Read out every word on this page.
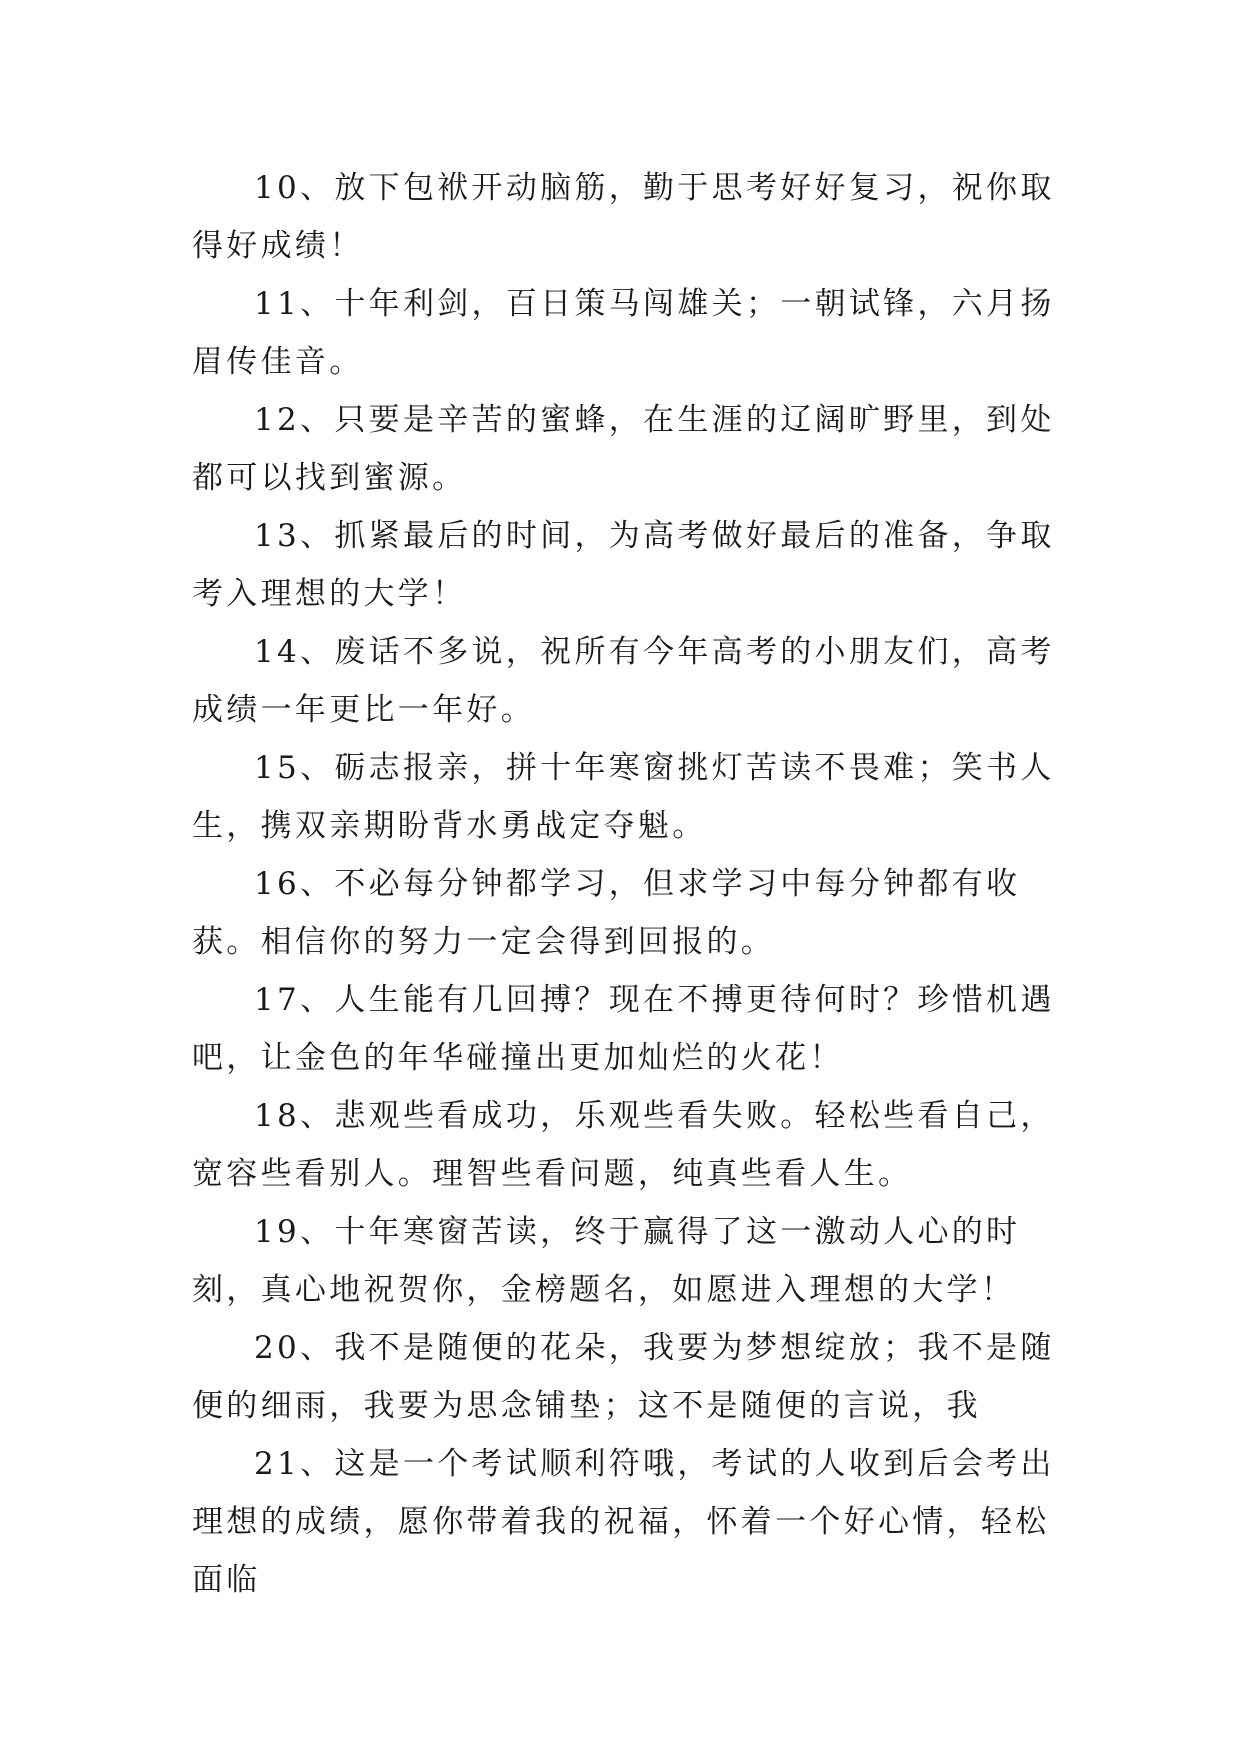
10、放下包袱开动脑筋，勤于思考好好复习，祝你取得好成绩！

11、十年利剑，百日策马闯雄关；一朝试锋，六月扬眉传佳音。

12、只要是辛苦的蜜蜂，在生涯的辽阔旷野里，到处都可以找到蜜源。

13、抓紧最后的时间，为高考做好最后的准备，争取考入理想的大学！

14、废话不多说，祝所有今年高考的小朋友们，高考成绩一年更比一年好。

15、砺志报亲，拼十年寒窗挑灯苦读不畏难；笑书人生，携双亲期盼背水勇战定夺魁。

16、不必每分钟都学习，但求学习中每分钟都有收获。相信你的努力一定会得到回报的。

17、人生能有几回搏？现在不搏更待何时？珍惜机遇吧，让金色的年华碰撞出更加灿烂的火花！

18、悲观些看成功，乐观些看失败。轻松些看自己，宽容些看别人。理智些看问题，纯真些看人生。

19、十年寒窗苦读，终于赢得了这一激动人心的时刻，真心地祝贺你，金榜题名，如愿进入理想的大学！

20、我不是随便的花朵，我要为梦想绽放；我不是随便的细雨，我要为思念铺垫；这不是随便的言说，我

21、这是一个考试顺利符哦，考试的人收到后会考出理想的成绩，愿你带着我的祝福，怀着一个好心情，轻松面临
